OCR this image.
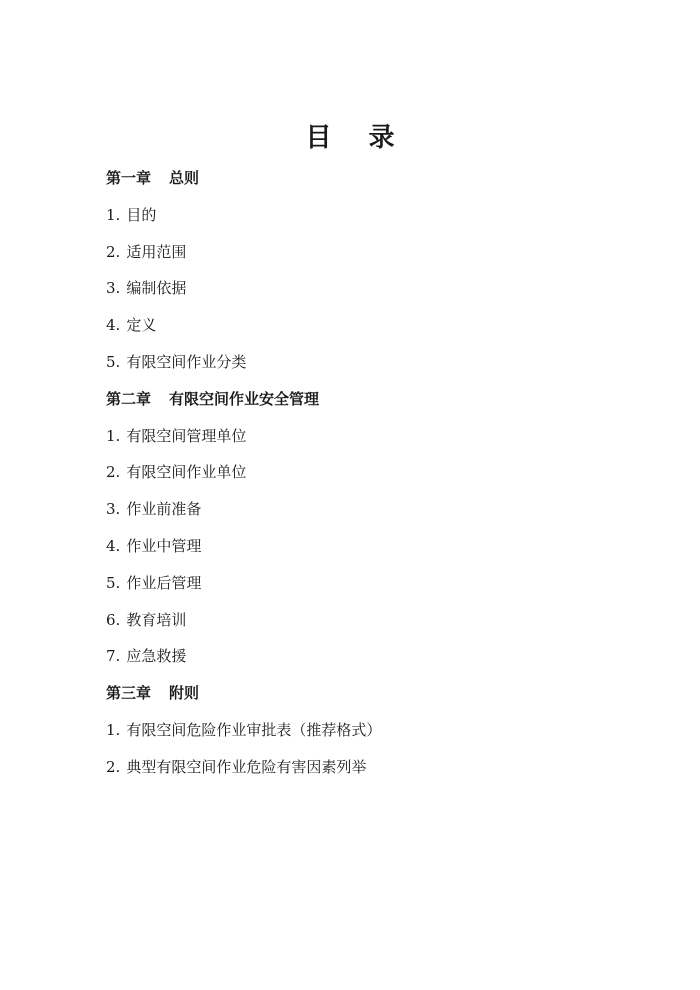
目 录
第一章 总则
1. 目的
2. 适用范围
3. 编制依据
4. 定义
5. 有限空间作业分类
第二章 有限空间作业安全管理
1. 有限空间管理单位
2. 有限空间作业单位
3. 作业前准备
4. 作业中管理
5. 作业后管理
6. 教育培训
7. 应急救援
第三章 附则
1. 有限空间危险作业审批表（推荐格式）
2. 典型有限空间作业危险有害因素列举
